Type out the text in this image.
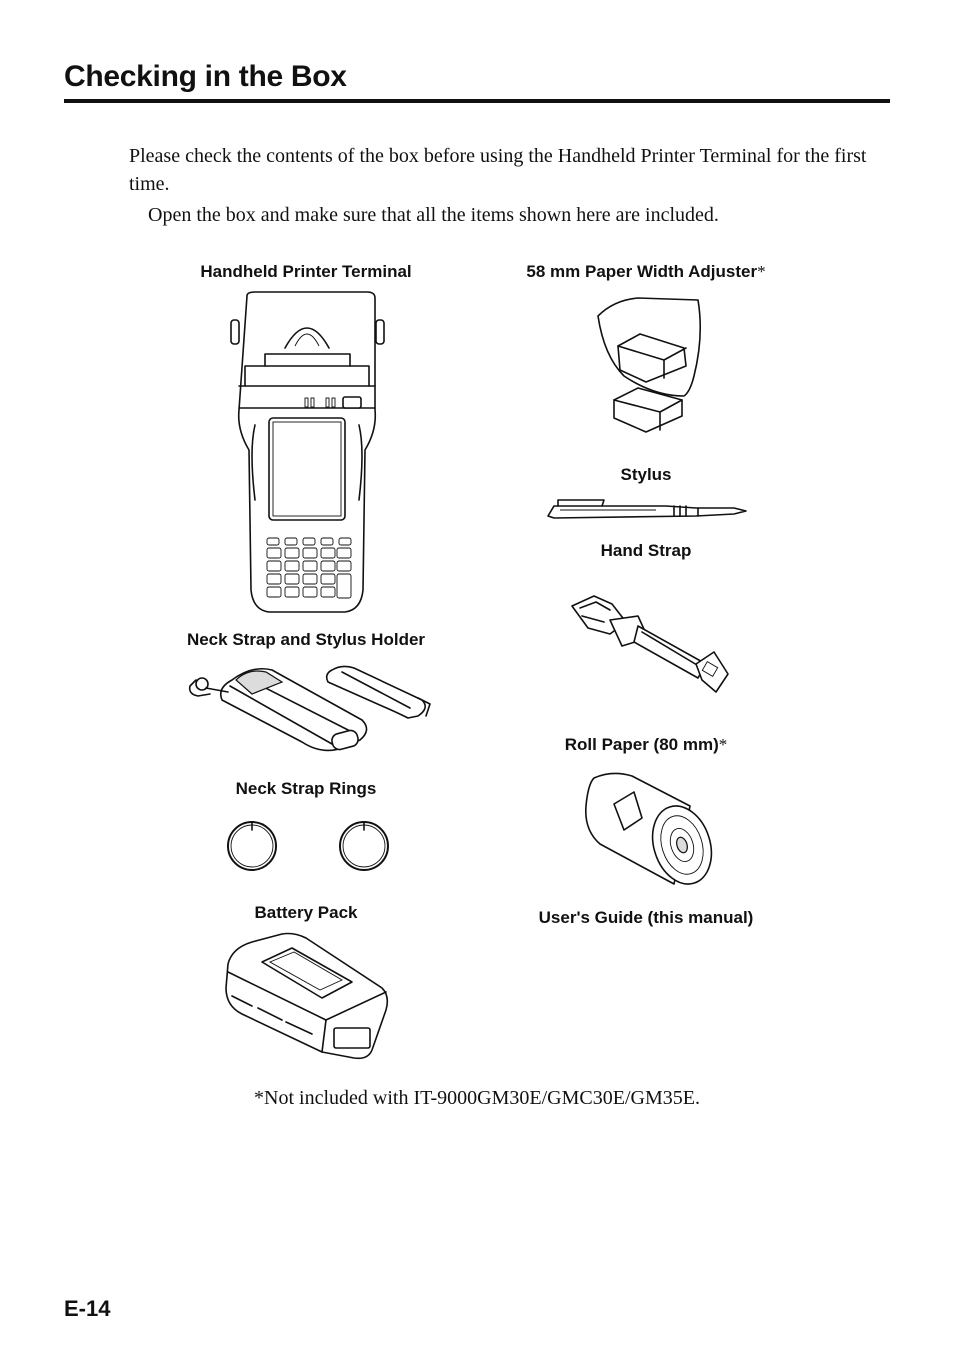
Checking in the Box
Please check the contents of the box before using the Handheld Printer Terminal for the first time.
Open the box and make sure that all the items shown here are included.
Handheld Printer Terminal
Neck Strap and Stylus Holder
Neck Strap Rings
Battery Pack
58 mm Paper Width Adjuster*
Stylus
Hand Strap
Roll Paper (80 mm)*
User's Guide (this manual)
*Not included with IT-9000GM30E/GMC30E/GM35E.
E-14
